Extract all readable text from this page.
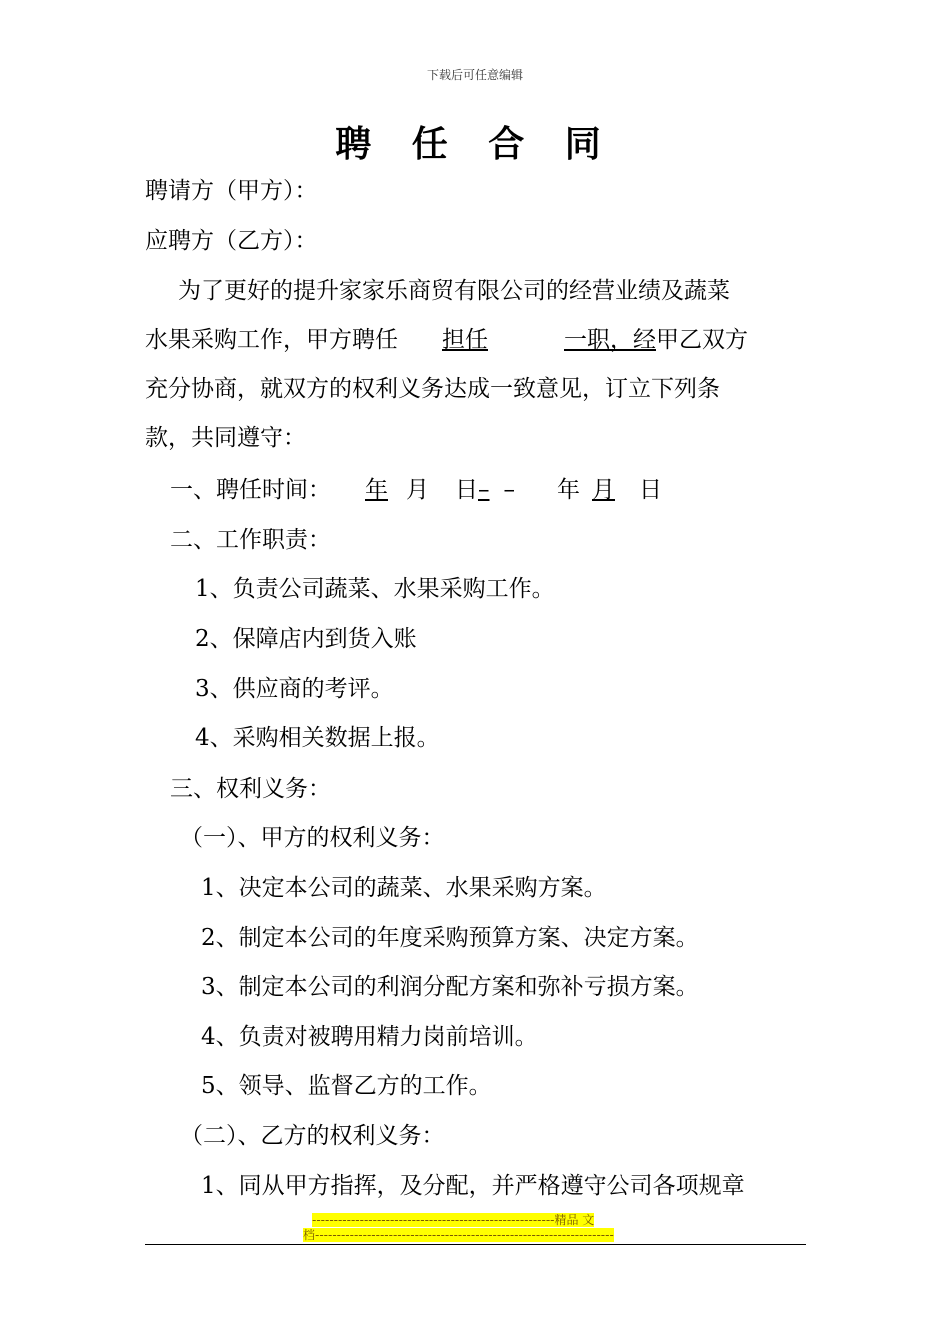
下载后可任意编辑
聘 任 合 同
聘请方（甲方）：
应聘方（乙方）：
为了更好的提升家家乐商贸有限公司的经营业绩及蔬菜
水果采购工作，甲方聘任 担任	一职，经甲乙双方
充分协商，就双方的权利义务达成一致意见，订立下列条
款，共同遵守：
一、聘任时间： 年 月 日– – 年 月 日
二、工作职责：
1、负责公司蔬菜、水果采购工作。
2、保障店内到货入账
3、供应商的考评。
4、采购相关数据上报。
三、权利义务：
（一）、甲方的权利义务：
1、决定本公司的蔬菜、水果采购方案。
2、制定本公司的年度采购预算方案、决定方案。
3、制定本公司的利润分配方案和弥补亏损方案。
4、负责对被聘用精力岗前培训。
5、领导、监督乙方的工作。
（二）、乙方的权利义务：
1、同从甲方指挥，及分配，并严格遵守公司各项规章
--------------------------------------------------------精品 文
档---------------------------------------------------------------------
